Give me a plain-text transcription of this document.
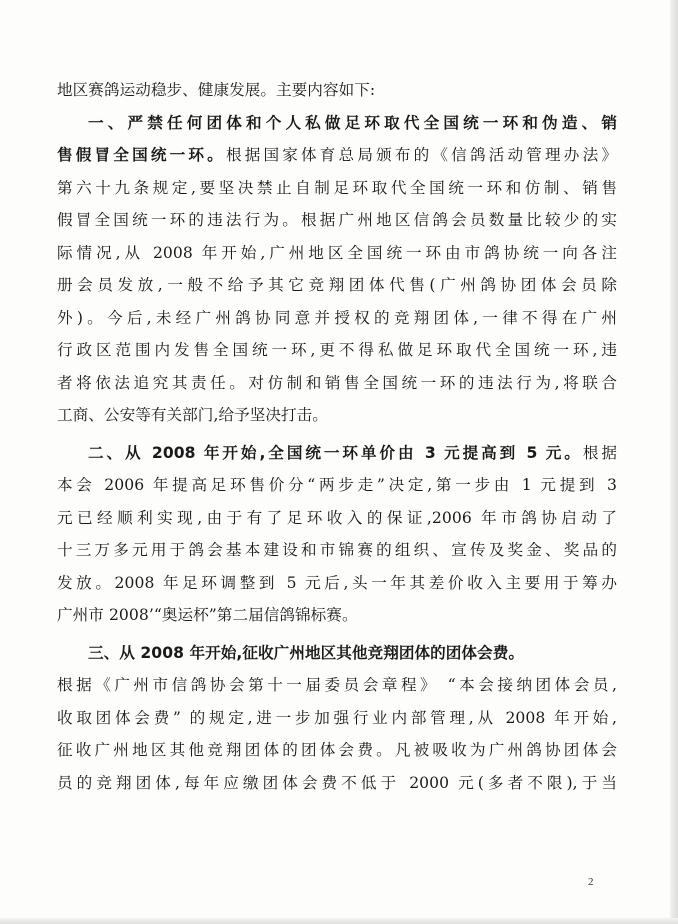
地区赛鸽运动稳步、健康发展。主要内容如下:
一、严禁任何团体和个人私做足环取代全国统一环和伪造、销
售假冒全国统一环。根据国家体育总局颁布的《信鸽活动管理办法》
第六十九条规定,要坚决禁止自制足环取代全国统一环和仿制、销售
假冒全国统一环的违法行为。根据广州地区信鸽会员数量比较少的实
际情况,从 2008 年开始,广州地区全国统一环由市鸽协统一向各注
册会员发放,一般不给予其它竞翔团体代售(广州鸽协团体会员除
外)。今后,未经广州鸽协同意并授权的竞翔团体,一律不得在广州
行政区范围内发售全国统一环,更不得私做足环取代全国统一环,违
者将依法追究其责任。对仿制和销售全国统一环的违法行为,将联合
工商、公安等有关部门,给予坚决打击。
二、从 2008 年开始,全国统一环单价由 3 元提高到 5 元。根据
本会 2006 年提高足环售价分“两步走”决定,第一步由 1 元提到 3
元已经顺利实现,由于有了足环收入的保证,2006 年市鸽协启动了
十三万多元用于鸽会基本建设和市锦赛的组织、宣传及奖金、奖品的
发放。2008 年足环调整到 5 元后,头一年其差价收入主要用于筹办
广州市 2008’“奥运杯”第二届信鸽锦标赛。
三、从 2008 年开始,征收广州地区其他竞翔团体的团体会费。
根据《广州市信鸽协会第十一届委员会章程》 “本会接纳团体会员,
收取团体会费” 的规定,进一步加强行业内部管理,从 2008 年开始,
征收广州地区其他竞翔团体的团体会费。凡被吸收为广州鸽协团体会
员的竞翔团体,每年应缴团体会费不低于 2000 元(多者不限),于当
2
